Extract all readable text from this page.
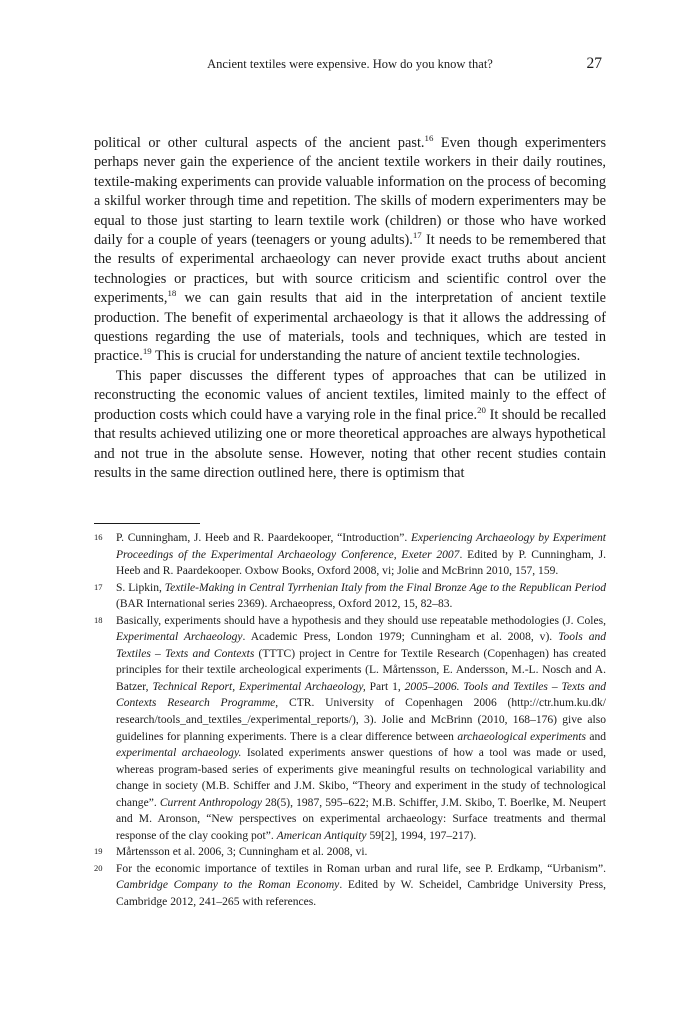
Ancient textiles were expensive. How do you know that?	27

political or other cultural aspects of the ancient past.$^{16}$ Even though experimenters perhaps never gain the experience of the ancient textile workers in their daily routines, textile-making experiments can provide valuable information on the process of becoming a skilful worker through time and repetition. The skills of modern experimenters may be equal to those just starting to learn textile work (children) or those who have worked daily for a couple of years (teenagers or young adults).$^{17}$ It needs to be remembered that the results of experimental archaeology can never provide exact truths about ancient technologies or practices, but with source criticism and scientific control over the experiments,$^{18}$ we can gain results that aid in the interpretation of ancient textile production. The benefit of experimental archaeology is that it allows the addressing of questions regarding the use of materials, tools and techniques, which are tested in practice.$^{19}$ This is crucial for understanding the nature of ancient textile technologies.

This paper discusses the different types of approaches that can be utilized in reconstructing the economic values of ancient textiles, limited mainly to the effect of production costs which could have a varying role in the final price.$^{20}$ It should be recalled that results achieved utilizing one or more theoretical approaches are always hypothetical and not true in the absolute sense. However, noting that other recent studies contain results in the same direction outlined here, there is optimism that

16 P. Cunningham, J. Heeb and R. Paardekooper, “Introduction”. Experiencing Archaeology by Experiment Proceedings of the Experimental Archaeology Conference, Exeter 2007. Edited by P. Cunningham, J. Heeb and R. Paardekooper. Oxbow Books, Oxford 2008, vi; Jolie and McBrinn 2010, 157, 159.
17 S. Lipkin, Textile-Making in Central Tyrrhenian Italy from the Final Bronze Age to the Republican Period (BAR International series 2369). Archaeopress, Oxford 2012, 15, 82–83.
18 Basically, experiments should have a hypothesis and they should use repeatable methodologies (J. Coles, Experimental Archaeology. Academic Press, London 1979; Cunningham et al. 2008, v). Tools and Textiles – Texts and Contexts (TTTC) project in Centre for Textile Research (Copenhagen) has created principles for their textile archeological experiments (L. Mårtensson, E. Andersson, M.-L. Nosch and A. Batzer, Technical Report, Experimental Archaeology, Part 1, 2005–2006. Tools and Textiles – Texts and Contexts Research Programme, CTR. University of Copenhagen 2006 (http://ctr.hum.ku.dk/ research/tools_and_textiles_/experimental_reports/), 3). Jolie and McBrinn (2010, 168–176) give also guidelines for planning experiments. There is a clear difference between archaeological experiments and experimental archaeology. Isolated experiments answer questions of how a tool was made or used, whereas program-based series of experiments give meaningful results on technological variability and change in society (M.B. Schiffer and J.M. Skibo, “Theory and experiment in the study of technological change”. Current Anthropology 28(5), 1987, 595–622; M.B. Schiffer, J.M. Skibo, T. Boerlke, M. Neupert and M. Aronson, “New perspectives on experimental archaeology: Surface treatments and thermal response of the clay cooking pot”. American Antiquity 59[2], 1994, 197–217).
19 Mårtensson et al. 2006, 3; Cunningham et al. 2008, vi.
20 For the economic importance of textiles in Roman urban and rural life, see P. Erdkamp, “Urbanism”. Cambridge Company to the Roman Economy. Edited by W. Scheidel, Cambridge University Press, Cambridge 2012, 241–265 with references.
